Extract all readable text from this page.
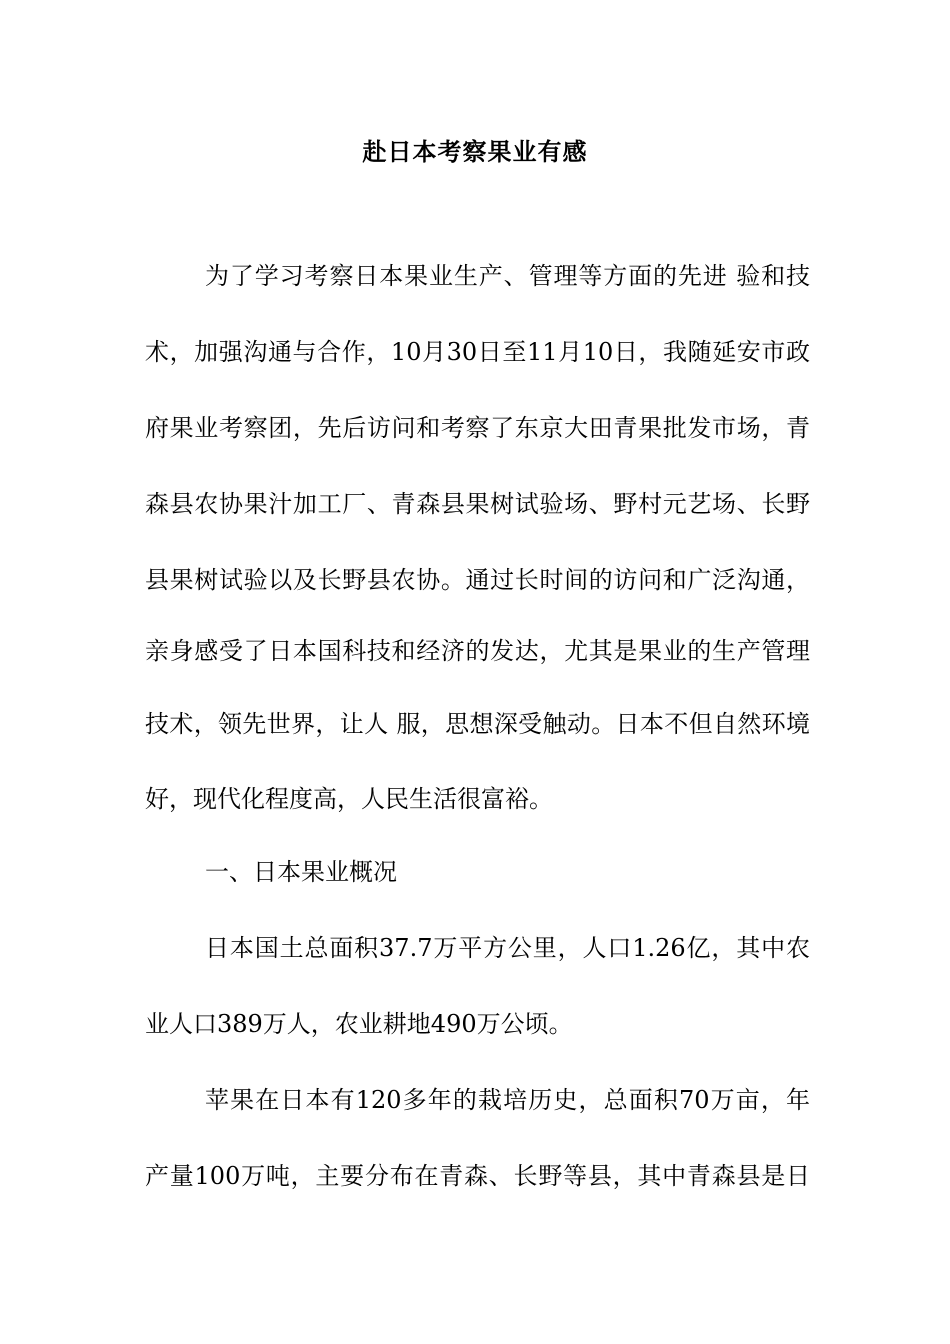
赴日本考察果业有感
为了学习考察日本果业生产、管理等方面的先进 验和技
术，加强沟通与合作，10月30日至11月10日，我随延安市政
府果业考察团，先后访问和考察了东京大田青果批发市场，青
森县农协果汁加工厂、青森县果树试验场、野村元艺场、长野
县果树试验以及长野县农协。通过长时间的访问和广泛沟通，
亲身感受了日本国科技和经济的发达，尤其是果业的生产管理
技术，领先世界，让人 服，思想深受触动。日本不但自然环境
好，现代化程度高，人民生活很富裕。
一、日本果业概况
日本国土总面积37.7万平方公里，人口1.26亿，其中农
业人口389万人，农业耕地490万公顷。
苹果在日本有120多年的栽培历史，总面积70万亩，年
产量100万吨，主要分布在青森、长野等县，其中青森县是日
